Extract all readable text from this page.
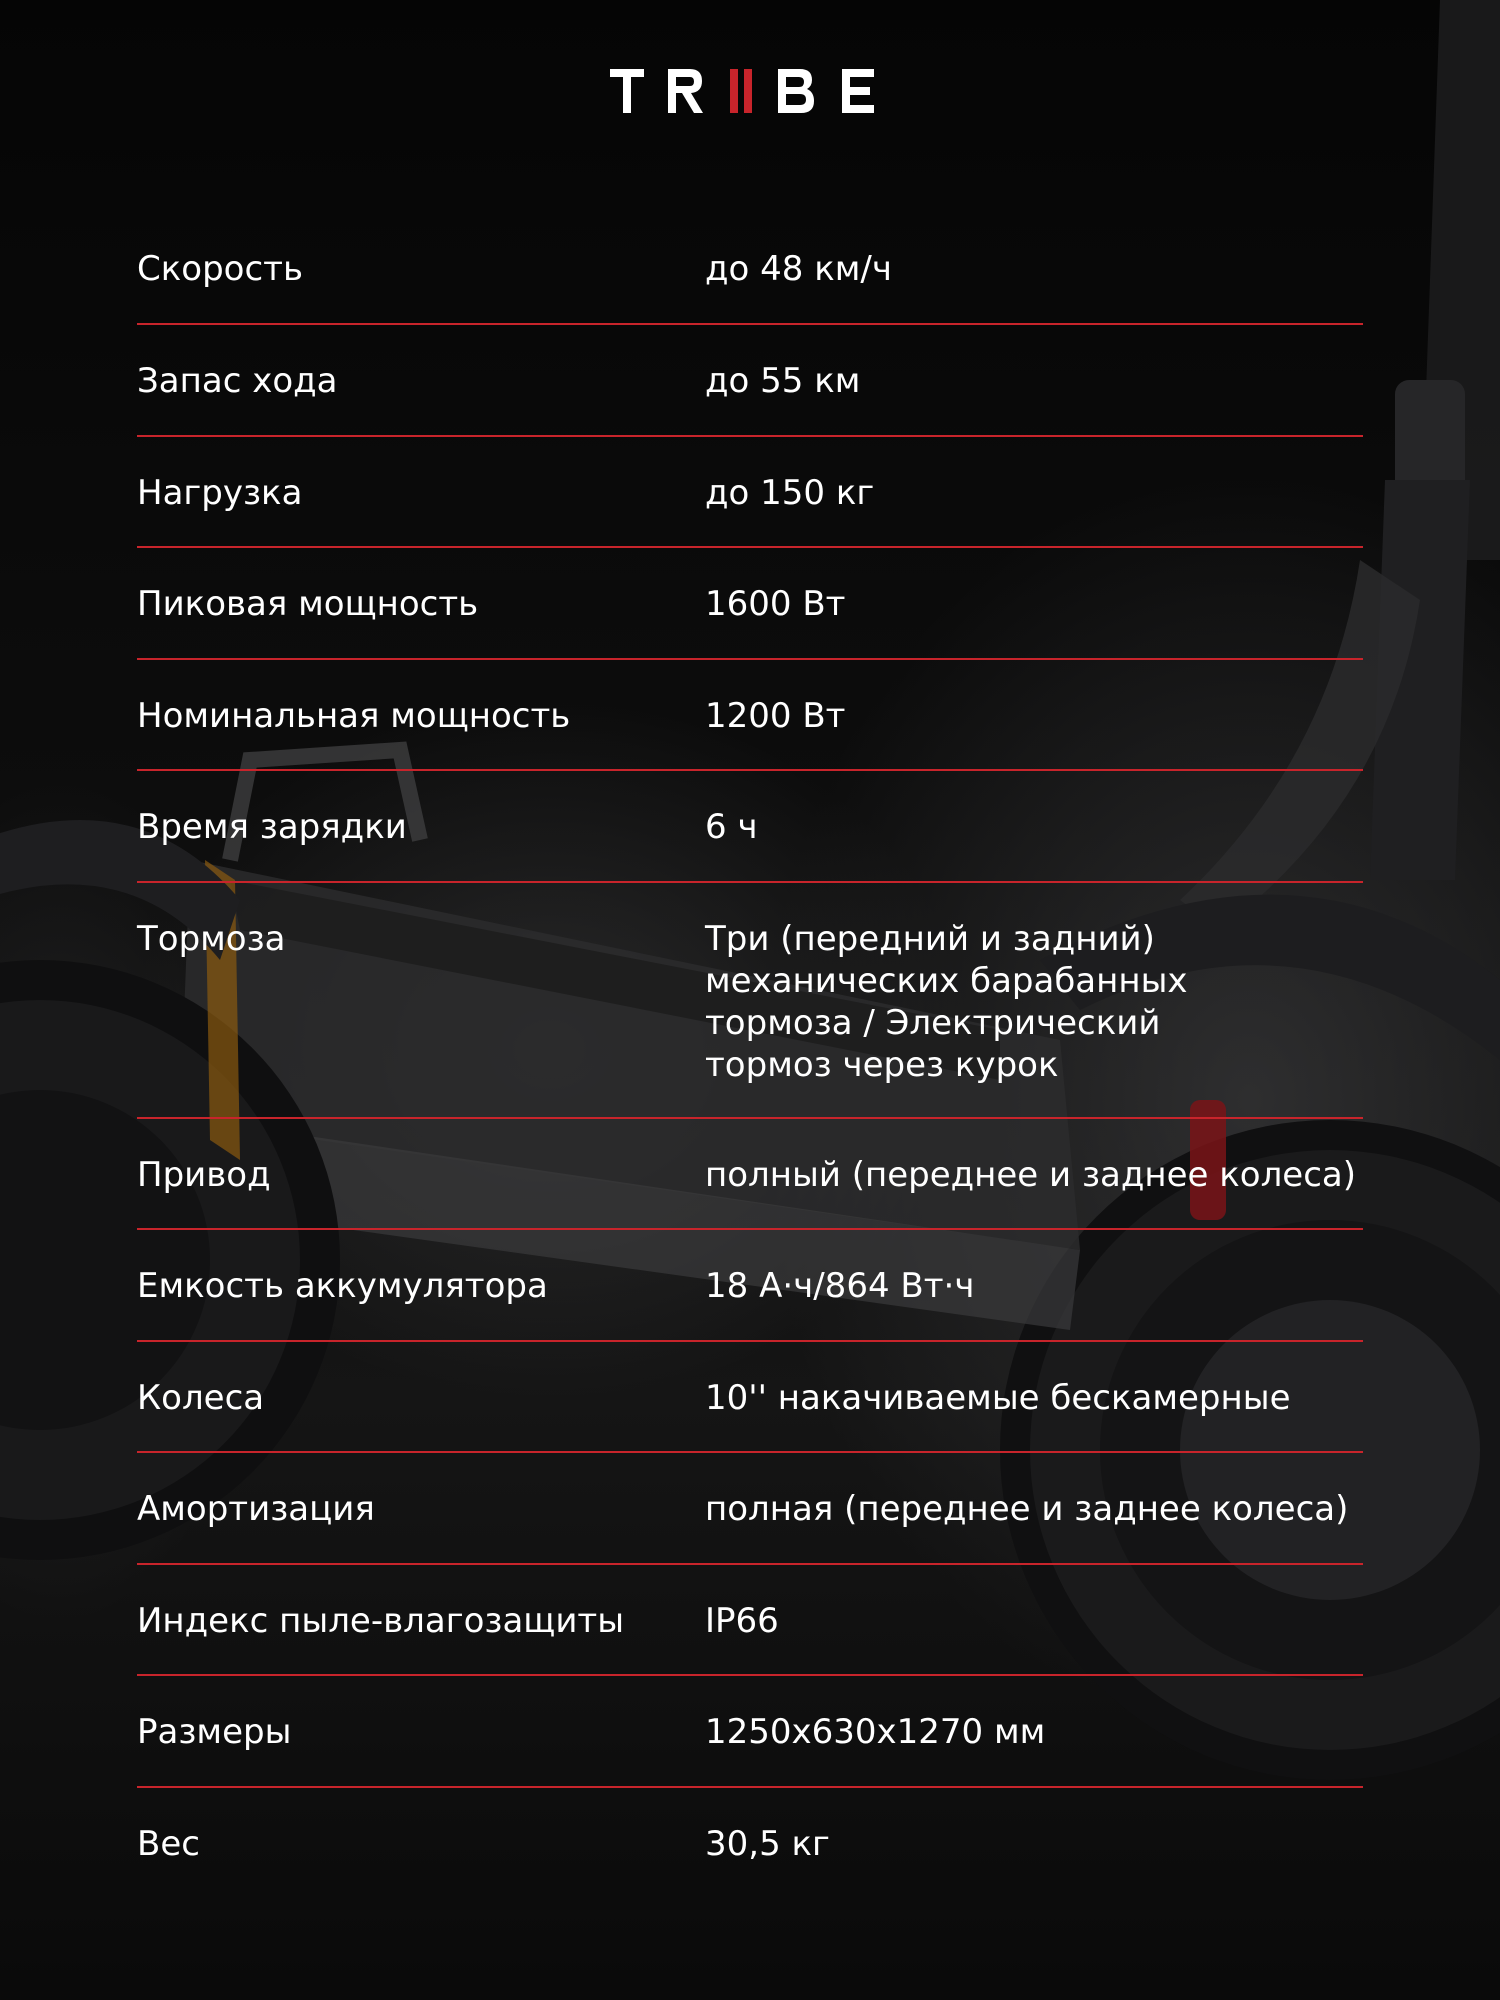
Скорость	до 48 км/ч
Запас хода	до 55 км
Нагрузка	до 150 кг
Пиковая мощность	1600 Вт
Номинальная мощность	1200 Вт
Время зарядки	6 ч
Тормоза	Три (передний и задний)
механических барабанных
тормоза / Электрический
тормоз через курок
Привод	полный (переднее и заднее колеса)
Емкость аккумулятора	18 А·ч/864 Вт·ч
Колеса	10'' накачиваемые бескамерные
Амортизация	полная (переднее и заднее колеса)
Индекс пыле-влагозащиты	IP66
Размеры	1250x630x1270 мм
Вес	30,5 кг
